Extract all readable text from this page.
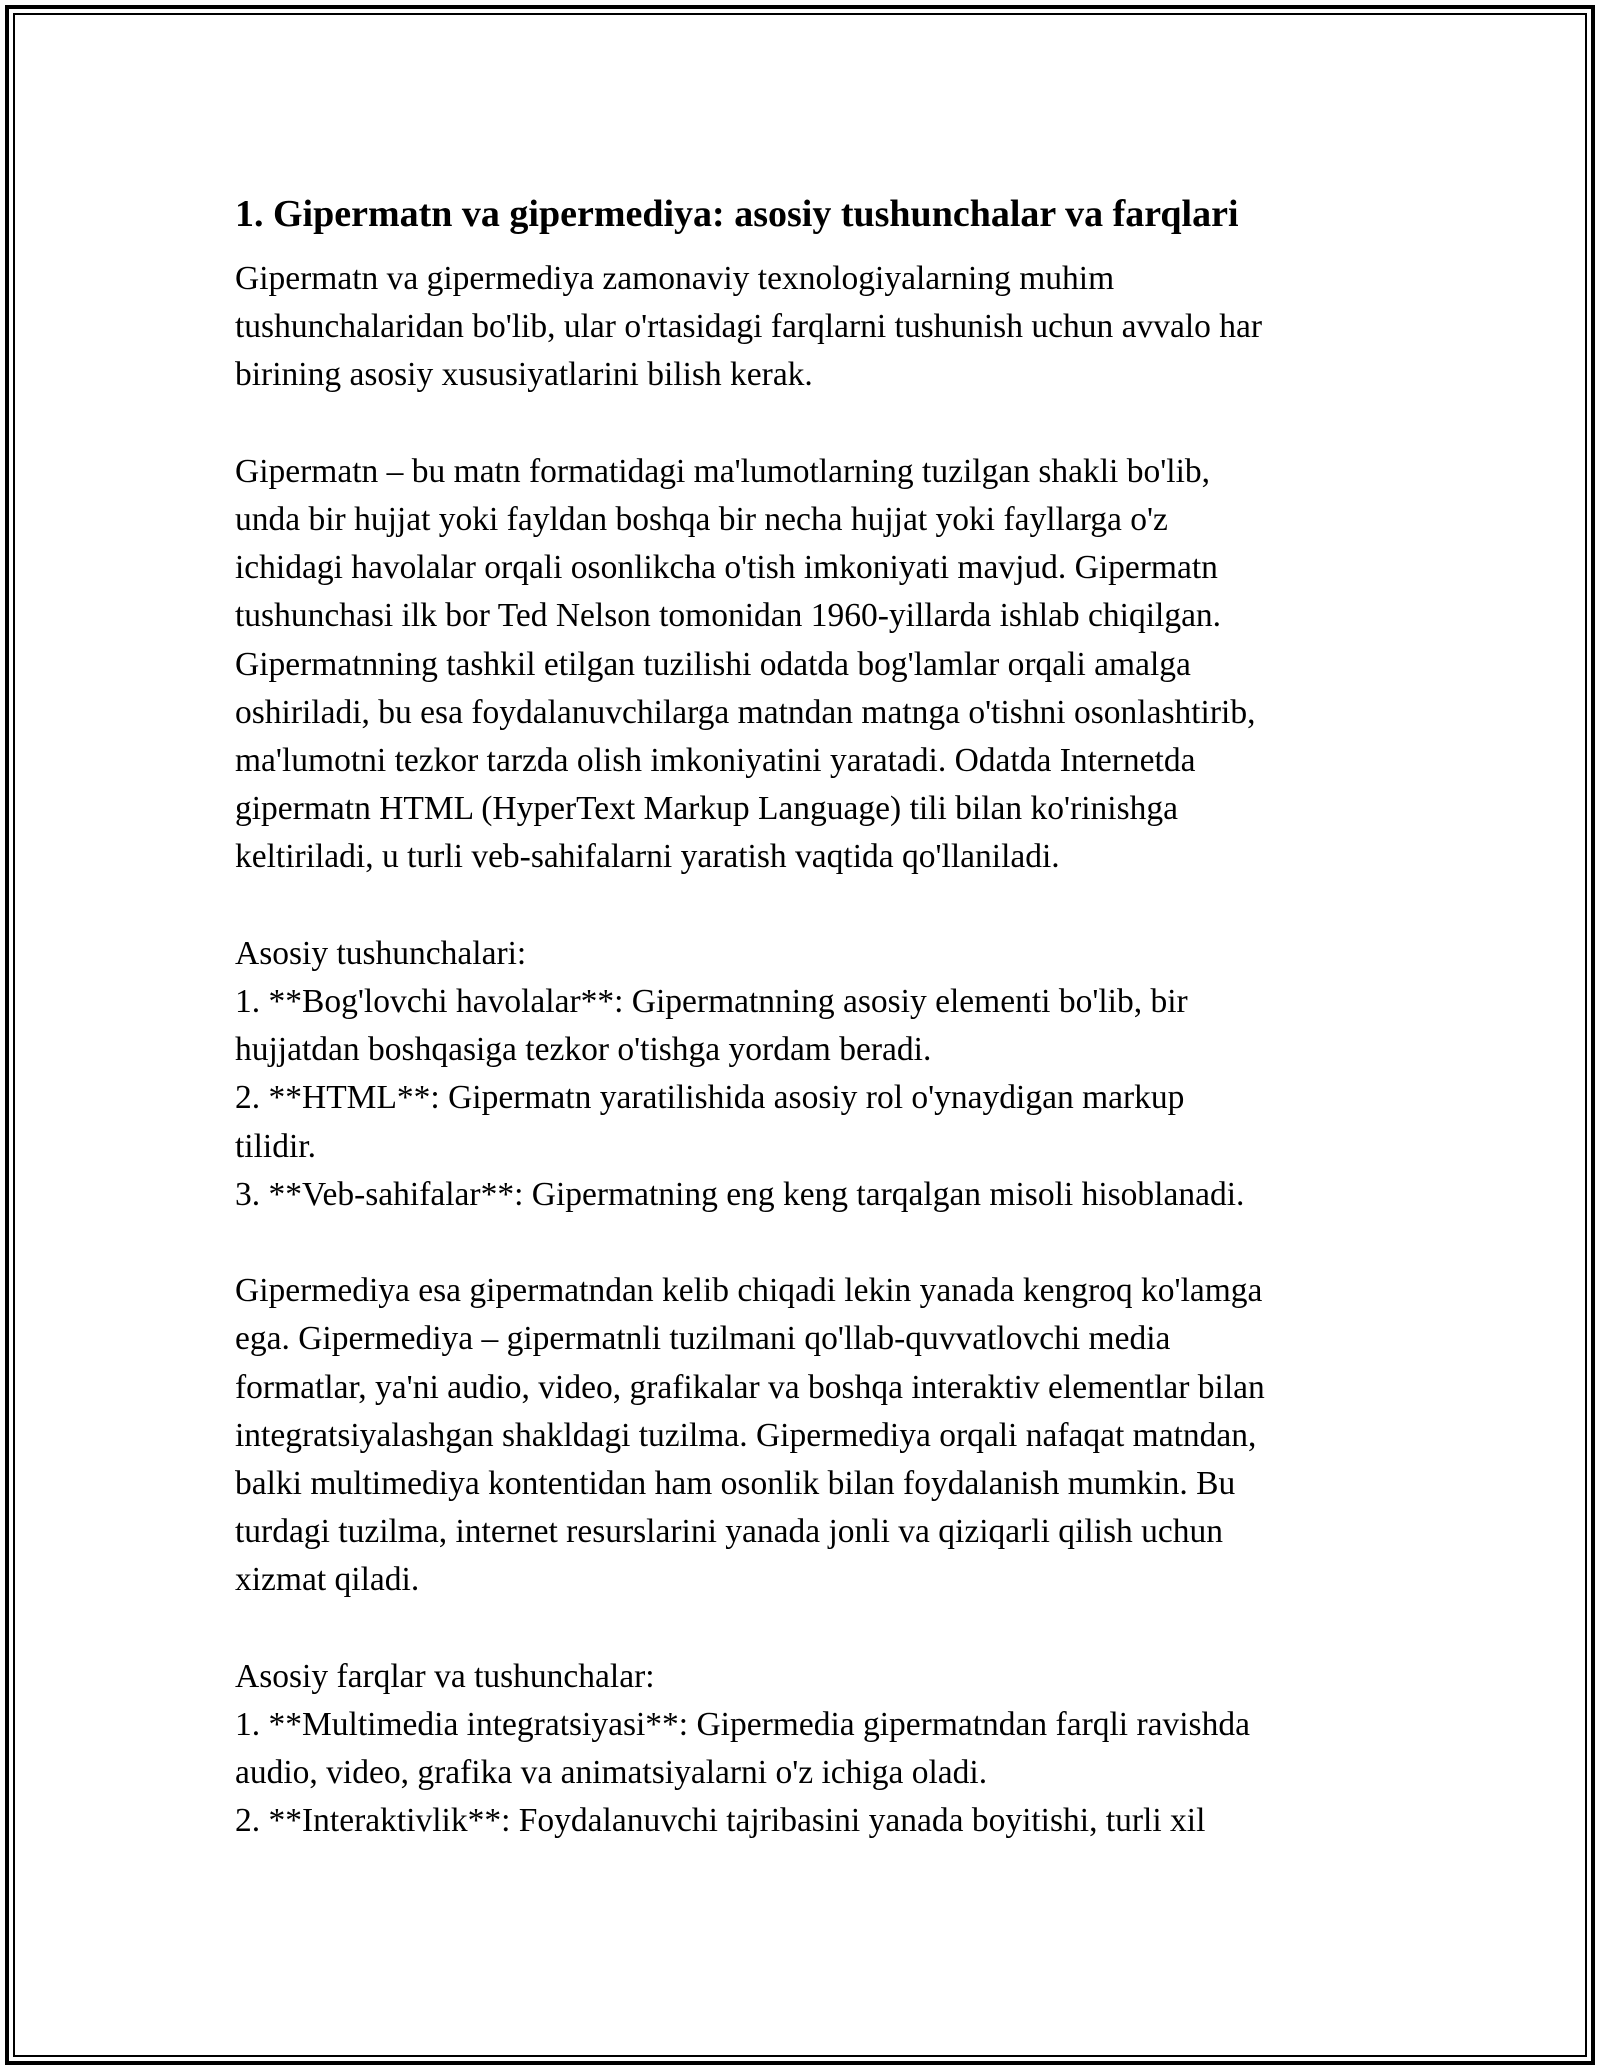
1. Gipermatn va gipermediya: asosiy tushunchalar va farqlari

Gipermatn va gipermediya zamonaviy texnologiyalarning muhim
tushunchalaridan bo'lib, ular o'rtasidagi farqlarni tushunish uchun avvalo har
birining asosiy xususiyatlarini bilish kerak.

Gipermatn – bu matn formatidagi ma'lumotlarning tuzilgan shakli bo'lib,
unda bir hujjat yoki fayldan boshqa bir necha hujjat yoki fayllarga o'z
ichidagi havolalar orqali osonlikcha o'tish imkoniyati mavjud. Gipermatn
tushunchasi ilk bor Ted Nelson tomonidan 1960-yillarda ishlab chiqilgan.
Gipermatnning tashkil etilgan tuzilishi odatda bog'lamlar orqali amalga
oshiriladi, bu esa foydalanuvchilarga matndan matnga o'tishni osonlashtirib,
ma'lumotni tezkor tarzda olish imkoniyatini yaratadi. Odatda Internetda
gipermatn HTML (HyperText Markup Language) tili bilan ko'rinishga
keltiriladi, u turli veb-sahifalarni yaratish vaqtida qo'llaniladi.

Asosiy tushunchalari:
1. **Bog'lovchi havolalar**: Gipermatnning asosiy elementi bo'lib, bir
hujjatdan boshqasiga tezkor o'tishga yordam beradi.
2. **HTML**: Gipermatn yaratilishida asosiy rol o'ynaydigan markup
tilidir.
3. **Veb-sahifalar**: Gipermatning eng keng tarqalgan misoli hisoblanadi.

Gipermediya esa gipermatndan kelib chiqadi lekin yanada kengroq ko'lamga
ega. Gipermediya – gipermatnli tuzilmani qo'llab-quvvatlovchi media
formatlar, ya'ni audio, video, grafikalar va boshqa interaktiv elementlar bilan
integratsiyalashgan shakldagi tuzilma. Gipermediya orqali nafaqat matndan,
balki multimediya kontentidan ham osonlik bilan foydalanish mumkin. Bu
turdagi tuzilma, internet resurslarini yanada jonli va qiziqarli qilish uchun
xizmat qiladi.

Asosiy farqlar va tushunchalar:
1. **Multimedia integratsiyasi**: Gipermedia gipermatndan farqli ravishda
audio, video, grafika va animatsiyalarni o'z ichiga oladi.
2. **Interaktivlik**: Foydalanuvchi tajribasini yanada boyitishi, turli xil
